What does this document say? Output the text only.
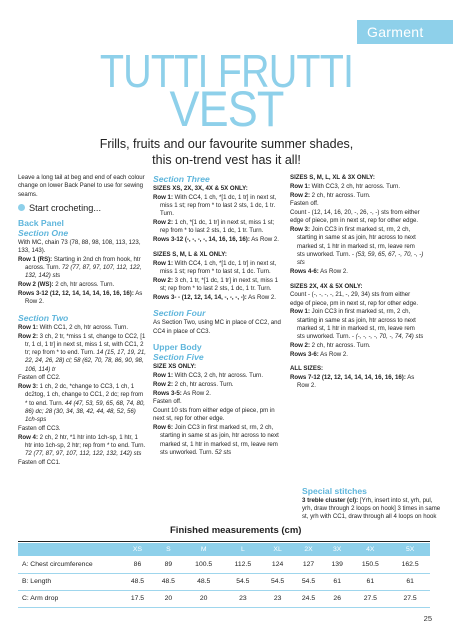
Garment
TUTTI FRUTTI
VEST
Frills, fruits and our favourite summer shades,
this on-trend vest has it all!
Leave a long tail at beg and end of each colour change on lower Back Panel to use for sewing seams.
Start crocheting...
Back Panel
Section One
With MC, chain 73 (78, 88, 98, 108, 113, 123, 133, 143).
Row 1 (RS): Starting in 2nd ch from hook, htr across. Turn. 72 (77, 87, 97, 107, 112, 122, 132, 142) sts
Row 2 (WS): 2 ch, htr across. Turn.
Rows 3-12 (12, 12, 14, 14, 14, 16, 16, 16): As Row 2.
Section Two
Row 1: With CC1, 2 ch, htr across. Turn.
Row 2: 3 ch, 2 tr, *miss 1 st, change to CC2, [1 tr, 1 cl, 1 tr] in next st, miss 1 st, with CC1, 2 tr; rep from * to end. Turn. 14 (15, 17, 19, 21, 22, 24, 26, 28) cl; 58 (62, 70, 78, 86, 90, 98, 106, 114) tr
Fasten off CC2.
Row 3: 1 ch, 2 dc, *change to CC3, 1 ch, 1 dc2tog, 1 ch, change to CC1, 2 dc; rep from * to end. Turn. 44 (47, 53, 59, 65, 68, 74, 80, 86) dc; 28 (30, 34, 38, 42, 44, 48, 52, 56) 1ch-sps
Fasten off CC3.
Row 4: 2 ch, 2 htr, *1 htr into 1ch-sp, 1 htr, 1 htr into 1ch-sp, 2 htr; rep from * to end. Turn. 72 (77, 87, 97, 107, 112, 122, 132, 142) sts
Fasten off CC1.
Section Three
SIZES XS, 2X, 3X, 4X & 5X ONLY:
Row 1: With CC4, 1 ch, *[1 dc, 1 tr] in next st, miss 1 st; rep from * to last 2 sts, 1 dc, 1 tr. Turn.
Row 2: 1 ch, *[1 dc, 1 tr] in next st, miss 1 st; rep from * to last 2 sts, 1 dc, 1 tr. Turn.
Rows 3-12 (-, -, -, -, 14, 16, 16, 16): As Row 2.
SIZES S, M, L & XL ONLY:
Row 1: With CC4, 1 ch, *[1 dc, 1 tr] in next st, miss 1 st; rep from * to last st, 1 dc. Turn.
Row 2: 3 ch, 1 tr, *[1 dc, 1 tr] in next st, miss 1 st; rep from * to last 2 sts, 1 dc, 1 tr. Turn.
Rows 3- - (12, 12, 14, 14, -, -, -, -): As Row 2.
Section Four
As Section Two, using MC in place of CC2, and CC4 in place of CC3.
Upper Body
Section Five
SIZE XS ONLY:
Row 1: With CC3, 2 ch, htr across. Turn.
Row 2: 2 ch, htr across. Turn.
Rows 3-5: As Row 2.
Fasten off.
Count 10 sts from either edge of piece, pm in next st, rep for other edge.
Row 6: Join CC3 in first marked st, rm, 2 ch, starting in same st as join, htr across to next marked st, 1 htr in marked st, rm, leave rem sts unworked. Turn. 52 sts
SIZES S, M, L, XL & 3X ONLY:
Row 1: With CC3, 2 ch, htr across. Turn.
Row 2: 2 ch, htr across. Turn.
Fasten off.
Count - (12, 14, 16, 20, -, 26, -, -) sts from either edge of piece, pm in next st, rep for other edge.
Row 3: Join CC3 in first marked st, rm, 2 ch, starting in same st as join, htr across to next marked st, 1 htr in marked st, rm, leave rem sts unworked. Turn. - (53, 59, 65, 67, -, 70, -, -) sts
Rows 4-6: As Row 2.
SIZES 2X, 4X & 5X ONLY:
Count - (-, -, -, -, 21, -, 29, 34) sts from either edge of piece, pm in next st, rep for other edge.
Row 1: Join CC3 in first marked st, rm, 2 ch, starting in same st as join, htr across to next marked st, 1 htr in marked st, rm, leave rem sts unworked. Turn. - (-, -, -, -, 70, -, 74, 74) sts
Row 2: 2 ch, htr across. Turn.
Rows 3-6: As Row 2.
ALL SIZES:
Rows 7-12 (12, 12, 14, 14, 14, 16, 16, 16): As Row 2.
Special stitches
3 treble cluster (cl): [Yrh, insert into st, yrh, pul, yrh, draw through 2 loops on hook] 3 times in same st, yrh with CC1, draw through all 4 loops on hook
Finished measurements (cm)
	XS	S	M	L	XL	2X	3X	4X	5X
A: Chest circumference	86	89	100.5	112.5	124	127	139	150.5	162.5
B: Length	48.5	48.5	48.5	54.5	54.5	54.5	61	61	61
C: Arm drop	17.5	20	20	23	23	24.5	26	27.5	27.5
25
